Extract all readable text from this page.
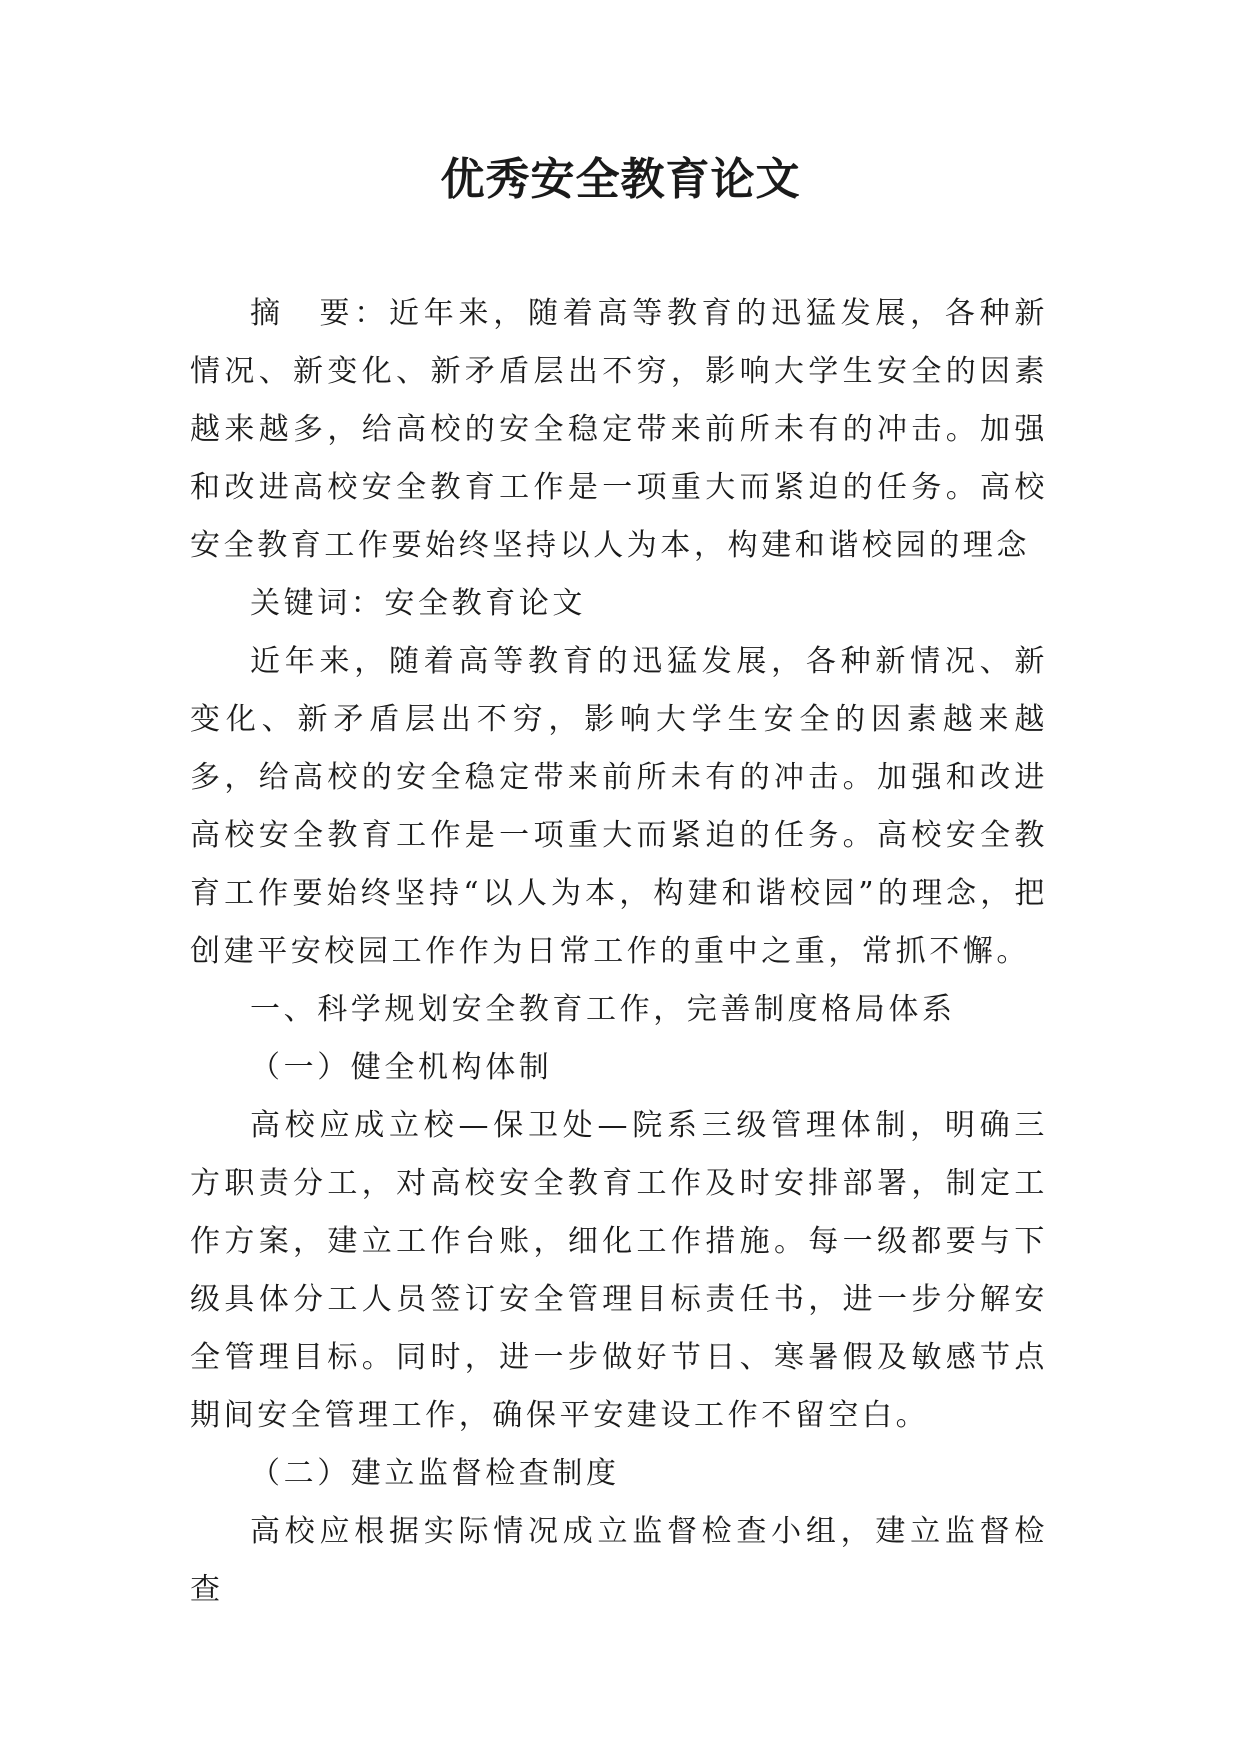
优秀安全教育论文

摘　要：近年来，随着高等教育的迅猛发展，各种新情况、新变化、新矛盾层出不穷，影响大学生安全的因素越来越多，给高校的安全稳定带来前所未有的冲击。加强和改进高校安全教育工作是一项重大而紧迫的任务。高校安全教育工作要始终坚持以人为本，构建和谐校园的理念

关键词：安全教育论文

近年来，随着高等教育的迅猛发展，各种新情况、新变化、新矛盾层出不穷，影响大学生安全的因素越来越多，给高校的安全稳定带来前所未有的冲击。加强和改进高校安全教育工作是一项重大而紧迫的任务。高校安全教育工作要始终坚持“以人为本，构建和谐校园”的理念，把创建平安校园工作作为日常工作的重中之重，常抓不懈。

一、科学规划安全教育工作，完善制度格局体系

（一）健全机构体制

高校应成立校—保卫处—院系三级管理体制，明确三方职责分工，对高校安全教育工作及时安排部署，制定工作方案，建立工作台账，细化工作措施。每一级都要与下级具体分工人员签订安全管理目标责任书，进一步分解安全管理目标。同时，进一步做好节日、寒暑假及敏感节点期间安全管理工作，确保平安建设工作不留空白。

（二）建立监督检查制度

高校应根据实际情况成立监督检查小组，建立监督检查
